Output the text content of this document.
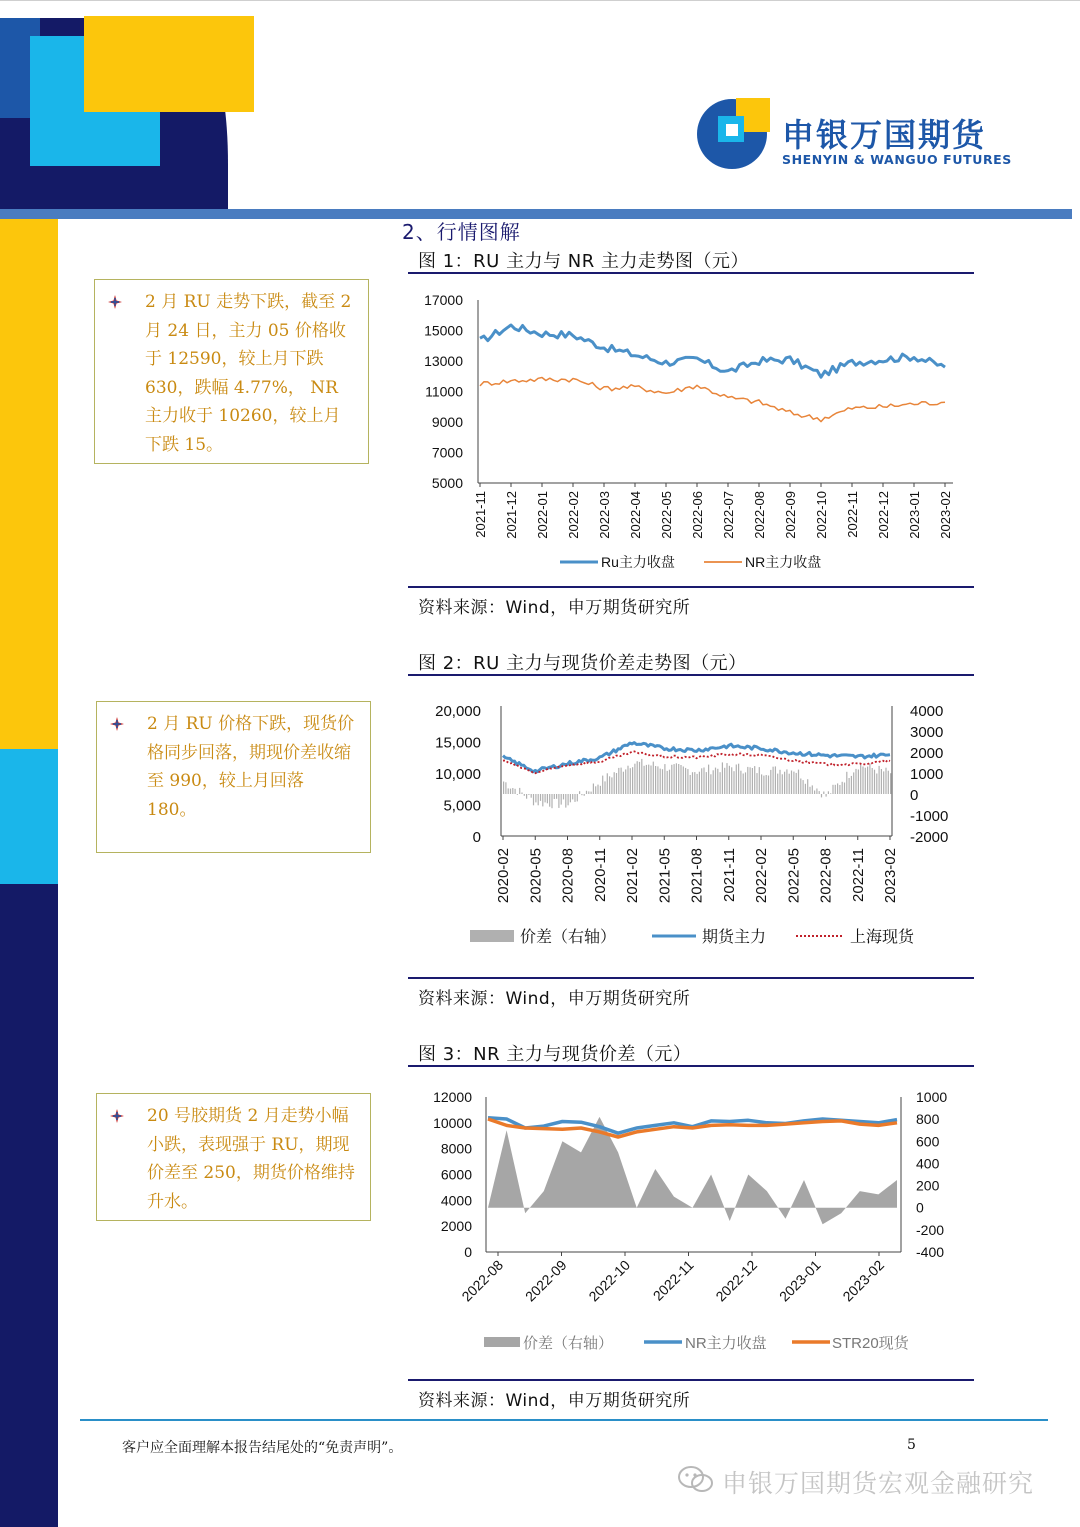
申银万国期货
SHENYIN & WANGUO FUTURES
2、行情图解
图 1：RU 主力与 NR 主力走势图（元）
17000
15000
13000
11000
9000
7000
5000
2021-11 2021-12 2022-01 2022-02 2022-03 2022-04 2022-05 2022-06 2022-07 2022-08 2022-09 2022-10 2022-11 2022-12 2023-01 2023-02
Ru主力收盘	NR主力收盘
资料来源：Wind，申万期货研究所
图 2：RU 主力与现货价差走势图（元）
20,000
15,000
10,000
5,000
0
4000
3000
2000
1000
0
-1000
-2000
2020-02 2020-05 2020-08 2020-11 2021-02 2021-05 2021-08 2021-11 2022-02 2022-05 2022-08 2022-11 2023-02
价差（右轴）	期货主力	上海现货
资料来源：Wind，申万期货研究所
图 3：NR 主力与现货价差（元）
12000
10000
8000
6000
4000
2000
0
1000
800
600
400
200
0
-200
-400
2022-08 2022-09 2022-10 2022-11 2022-12 2023-01 2023-02
价差（右轴）	NR主力收盘	STR20现货
资料来源：Wind，申万期货研究所
2 月 RU 走势下跌，截至 2 月 24 日，主力 05 价格收于 12590，较上月下跌 630，跌幅 4.77%， NR 主力收于 10260，较上月下跌 15。
2 月 RU 价格下跌，现货价格同步回落，期现价差收缩至 990，较上月回落 180。
20 号胶期货 2 月走势小幅小跌，表现强于 RU，期现价差至 250，期货价格维持升水。
客户应全面理解本报告结尾处的“免责声明”。	5
申银万国期货宏观金融研究
